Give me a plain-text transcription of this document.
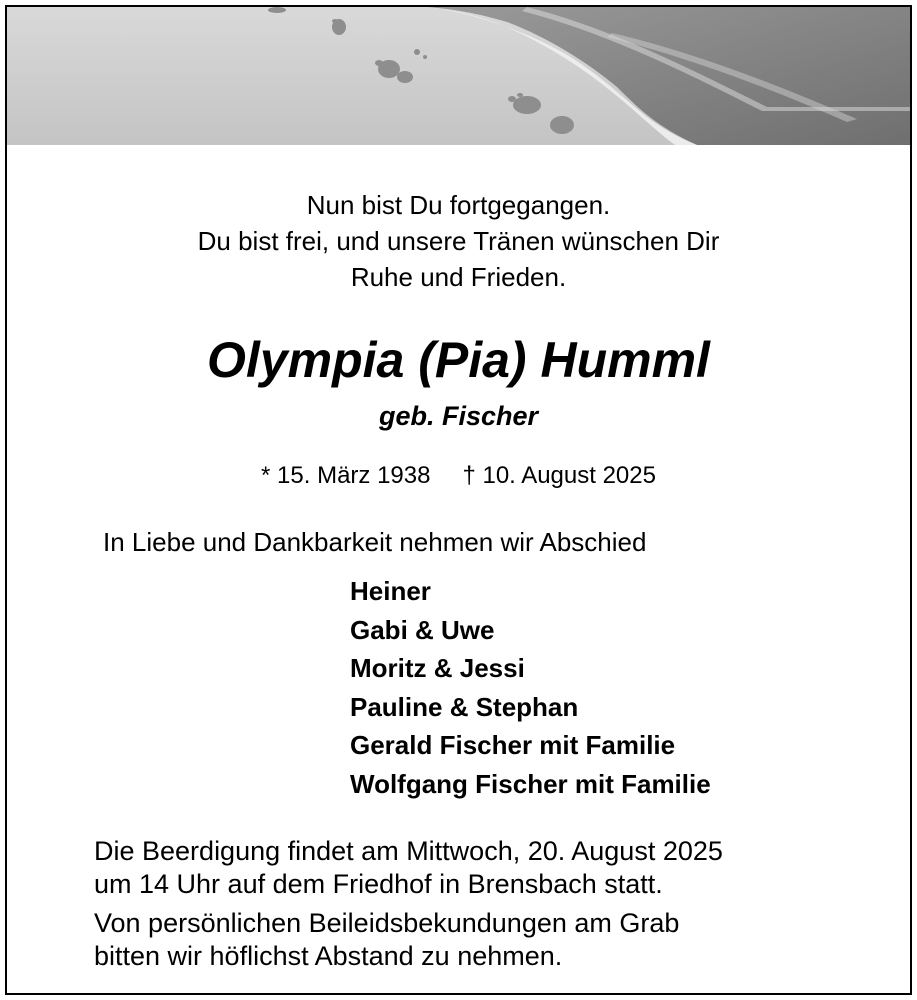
Nun bist Du fortgegangen.
Du bist frei, und unsere Tränen wünschen Dir
Ruhe und Frieden.
Olympia (Pia) Humml
geb. Fischer
* 15. März 1938 † 10. August 2025
In Liebe und Dankbarkeit nehmen wir Abschied
Heiner
Gabi & Uwe
Moritz & Jessi
Pauline & Stephan
Gerald Fischer mit Familie
Wolfgang Fischer mit Familie
Die Beerdigung findet am Mittwoch, 20. August 2025
um 14 Uhr auf dem Friedhof in Brensbach statt.
Von persönlichen Beileidsbekundungen am Grab
bitten wir höflichst Abstand zu nehmen.
